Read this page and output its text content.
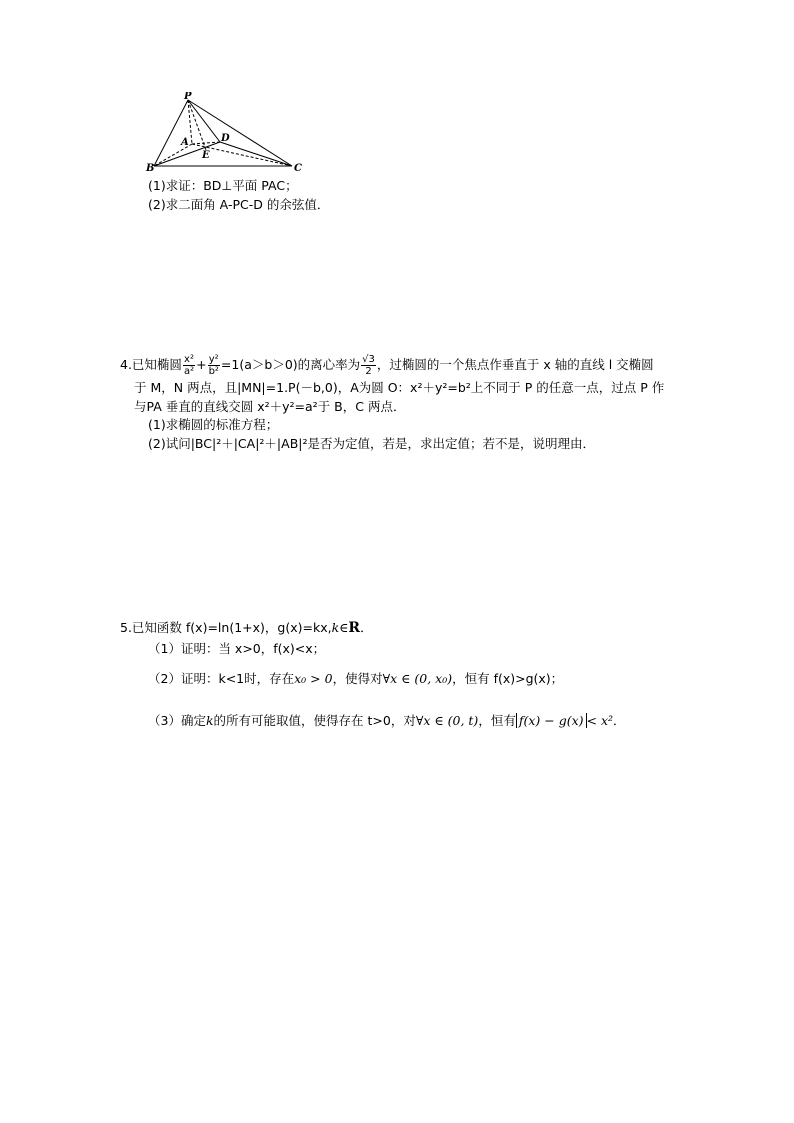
P
A	D
E
B	C
(1)求证：BD⊥平面 PAC；
(2)求二面角 A-PC-D 的余弦值．
4.已知椭圆 $\frac{\text{x²}}{\text{a²}} + \frac{\text{y²}}{\text{b²}} =1(a>b>0)$的离心率为 $\frac{√3}{2}$ ，过椭圆的一个焦点作垂直于 x 轴的直线 l 交椭圆
于 M，N 两点，且|MN|=1.P(－b,0)，A为圆 O：x²＋y²=b²上不同于 P 的任意一点，过点 P 作
与PA 垂直的直线交圆 x²＋y²=a²于 B，C 两点．
(1)求椭圆的标准方程；
(2)试问|BC|²＋|CA|²＋|AB|²是否为定值，若是，求出定值；若不是，说明理由．
5.已知函数 f(x)=ln(1+x)，g(x)=kx,k∈R．
（1）证明：当 x>0，f(x)<x；
（2）证明：k<1时，存在x₀ > 0，使得对∀x ∈ (0, x₀)，恒有 f(x)>g(x)；
（3）确定k的所有可能取值，使得存在 t>0，对∀x ∈ (0, t)，恒有 f(x) − g(x) < x²．
